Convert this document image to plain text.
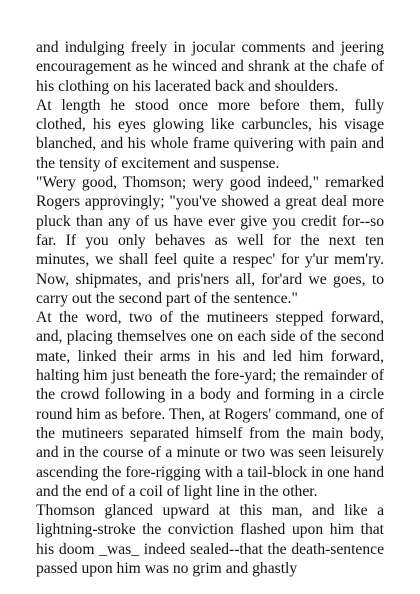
and indulging freely in jocular comments and jeering encouragement as he winced and shrank at the chafe of his clothing on his lacerated back and shoulders.

At length he stood once more before them, fully clothed, his eyes glowing like carbuncles, his visage blanched, and his whole frame quivering with pain and the tensity of excitement and suspense.

"Wery good, Thomson; wery good indeed," remarked Rogers approvingly; "you've showed a great deal more pluck than any of us have ever give you credit for--so far. If you only behaves as well for the next ten minutes, we shall feel quite a respec' for y'ur mem'ry. Now, shipmates, and pris'ners all, for'ard we goes, to carry out the second part of the sentence."

At the word, two of the mutineers stepped forward, and, placing themselves one on each side of the second mate, linked their arms in his and led him forward, halting him just beneath the fore-yard; the remainder of the crowd following in a body and forming in a circle round him as before. Then, at Rogers' command, one of the mutineers separated himself from the main body, and in the course of a minute or two was seen leisurely ascending the fore-rigging with a tail-block in one hand and the end of a coil of light line in the other.

Thomson glanced upward at this man, and like a lightning-stroke the conviction flashed upon him that his doom _was_ indeed sealed--that the death-sentence passed upon him was no grim and ghastly
